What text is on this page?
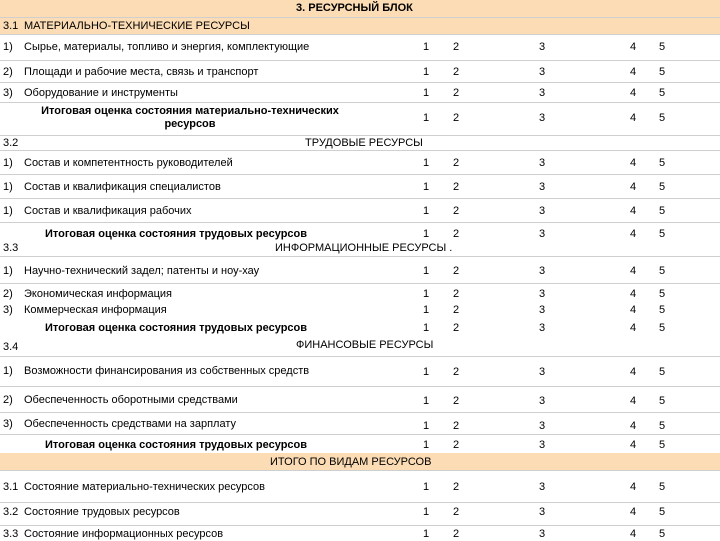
3. РЕСУРСНЫЙ БЛОК
3.1 МАТЕРИАЛЬНО-ТЕХНИЧЕСКИЕ РЕСУРСЫ
1) Сырье, материалы, топливо и энергия, комплектующие	1	2	3	4	5
2) Площади и рабочие места, связь и транспорт	1	2	3	4	5
3) Оборудование и инструменты	1	2	3	4	5
Итоговая оценка состояния материально-технических
ресурсов	1	2	3	4	5
3.2	ТРУДОВЫЕ РЕСУРСЫ
1) Состав и компетентность руководителей	1	2	3	4	5
1) Состав и квалификация специалистов	1	2	3	4	5
1) Состав и квалификация рабочих	1	2	3	4	5
Итоговая оценка состояния трудовых ресурсов	1	2	3	4	5
3.3	ИНФОРМАЦИОННЫЕ РЕСУРСЫ .
1) Научно-технический задел; патенты и ноу-хау	1	2	3	4	5
2) Экономическая информация	1	2	3	4	5
3) Коммерческая информация	1	2	3	4	5
Итоговая оценка состояния трудовых ресурсов	1	2	3	4	5
3.4	ФИНАНСОВЫЕ РЕСУРСЫ
1) Возможности финансирования из собственных средств	1	2	3	4	5
2) Обеспеченность оборотными средствами	1	2	3	4	5
3) Обеспеченность средствами на зарплату	1	2	3	4	5
Итоговая оценка состояния трудовых ресурсов	1	2	3	4	5
ИТОГО ПО ВИДАМ РЕСУРСОВ
3.1 Состояние материально-технических ресурсов	1	2	3	4	5
3.2 Состояние трудовых ресурсов	1	2	3	4	5
3.3 Состояние информационных ресурсов	1	2	3	4	5
